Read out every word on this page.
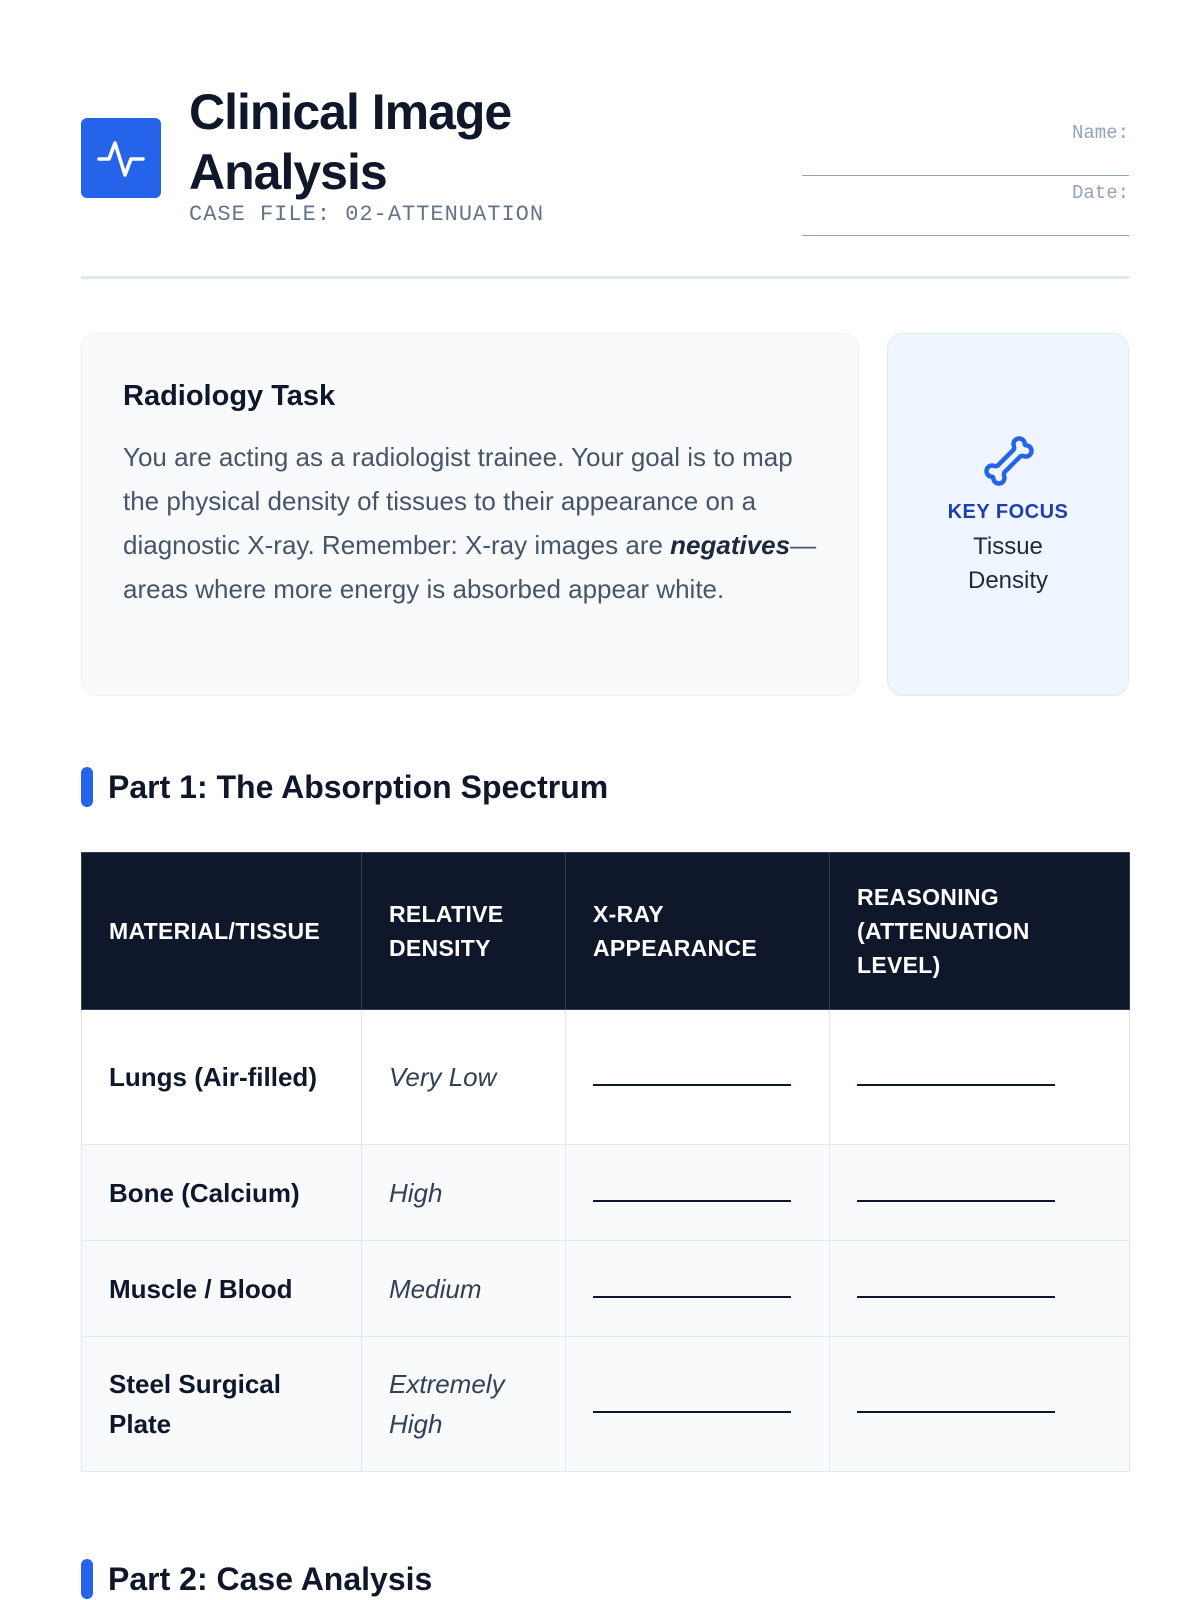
Clinical Image
Analysis
CASE FILE: 02-ATTENUATION
Name:
Date:
Radiology Task
You are acting as a radiologist trainee. Your goal is to map the physical density of tissues to their appearance on a diagnostic X-ray. Remember: X-ray images are negatives—areas where more energy is absorbed appear white.
KEY FOCUS
Tissue Density
Part 1: The Absorption Spectrum
MATERIAL/TISSUE	RELATIVE DENSITY	X-RAY APPEARANCE	REASONING (ATTENUATION LEVEL)
Lungs (Air-filled)	Very Low		
Bone (Calcium)	High		
Muscle / Blood	Medium		
Steel Surgical Plate	Extremely High		
Part 2: Case Analysis
